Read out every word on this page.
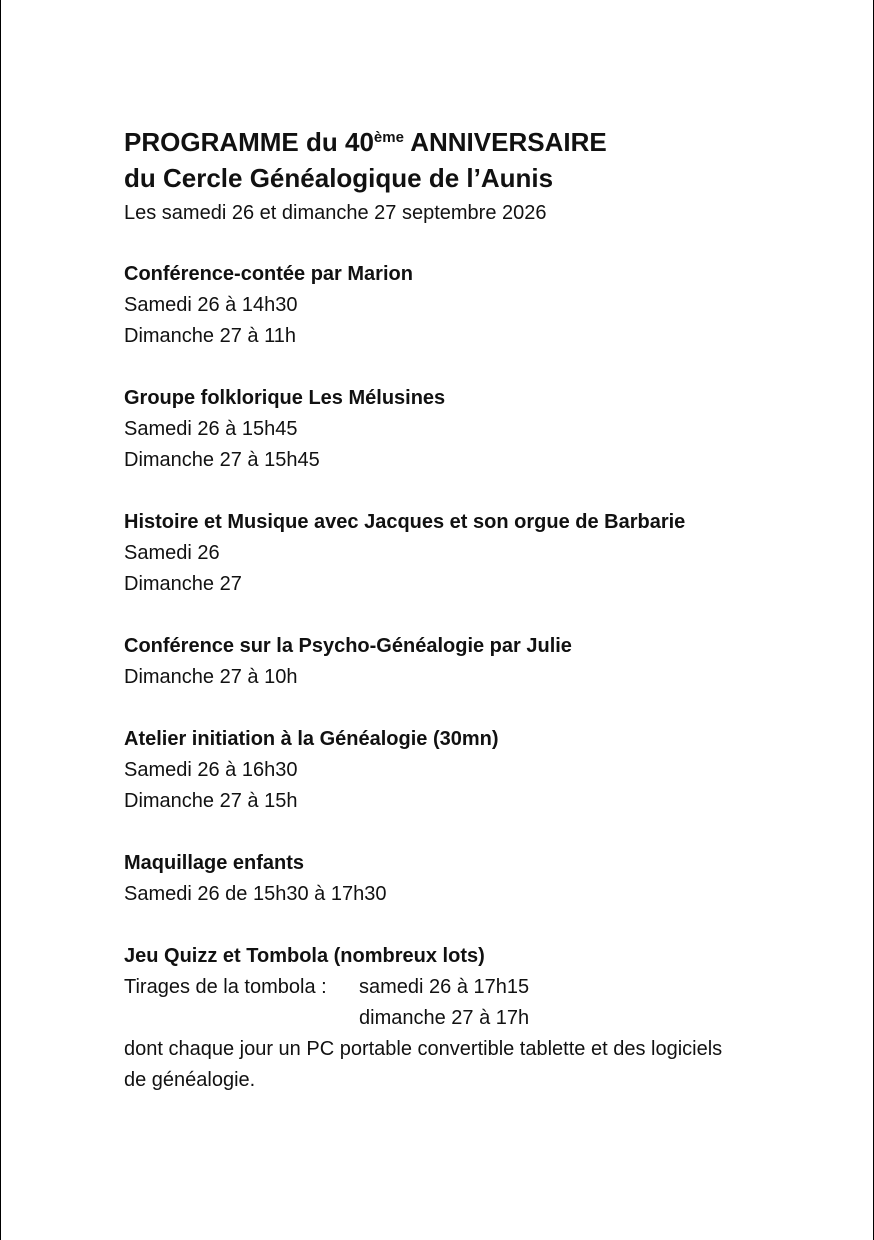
PROGRAMME du 40ème ANNIVERSAIRE
du Cercle Généalogique de l’Aunis
Les samedi 26 et dimanche 27 septembre 2026
Conférence-contée par Marion
Samedi 26 à 14h30
Dimanche 27 à 11h
Groupe folklorique Les Mélusines
Samedi 26 à 15h45
Dimanche 27 à 15h45
Histoire et Musique avec Jacques et son orgue de Barbarie
Samedi 26
Dimanche 27
Conférence sur la Psycho-Généalogie par Julie
Dimanche 27 à 10h
Atelier initiation à la Généalogie (30mn)
Samedi 26 à 16h30
Dimanche 27 à 15h
Maquillage enfants
Samedi 26 de 15h30 à 17h30
Jeu Quizz et Tombola (nombreux lots)
Tirages de la tombola :	samedi 26 à 17h15
dimanche 27 à 17h
dont chaque jour un PC portable convertible tablette et des logiciels de généalogie.
